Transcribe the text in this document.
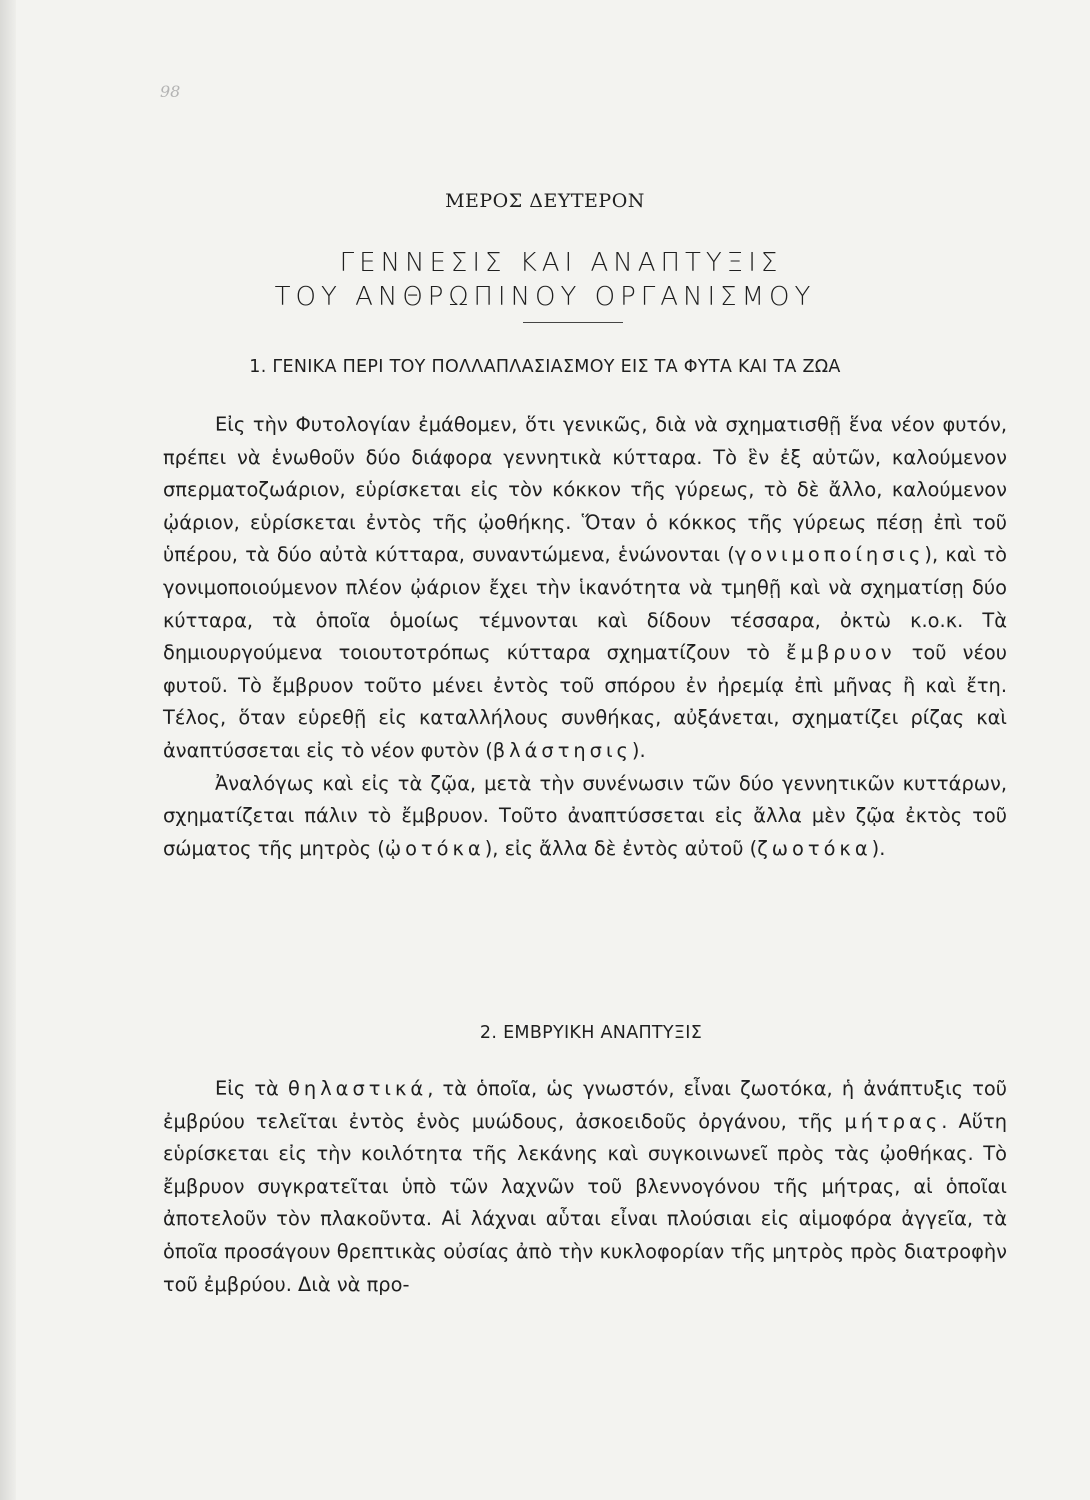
98
ΜΕΡΟΣ ΔΕΥΤΕΡΟΝ
ΓΕΝΝΕΣΙΣ ΚΑΙ ΑΝΑΠΤΥΞΙΣ
ΤΟΥ ΑΝΘΡΩΠΙΝΟΥ ΟΡΓΑΝΙΣΜΟΥ
1. ΓΕΝΙΚΑ ΠΕΡΙ ΤΟΥ ΠΟΛΛΑΠΛΑΣΙΑΣΜΟΥ ΕΙΣ ΤΑ ΦΥΤΑ ΚΑΙ ΤΑ ΖΩΑ

Εἰς τὴν Φυτολογίαν ἐμάθομεν, ὅτι γενικῶς, διὰ νὰ σχηματισθῇ ἕνα νέον φυτόν, πρέπει νὰ ἑνωθοῦν δύο διάφορα γεννητικὰ κύτταρα. Τὸ ἓν ἐξ αὐτῶν, καλούμενον σπερματοζωάριον, εὑρίσκεται εἰς τὸν κόκκον τῆς γύρεως, τὸ δὲ ἄλλο, καλούμενον ᾠάριον, εὑρίσκεται ἐντὸς τῆς ᾠοθήκης. Ὅταν ὁ κόκκος τῆς γύρεως πέσῃ ἐπὶ τοῦ ὑπέρου, τὰ δύο αὐτὰ κύτταρα, συναντώμενα, ἑνώνονται (γονιμοποίησις), καὶ τὸ γονιμοποιούμενον πλέον ᾠάριον ἔχει τὴν ἱκανότητα νὰ τμηθῇ καὶ νὰ σχηματίσῃ δύο κύτταρα, τὰ ὁποῖα ὁμοίως τέμνονται καὶ δίδουν τέσσαρα, ὀκτὼ κ.ο.κ. Τὰ δημιουργούμενα τοιουτοτρόπως κύτταρα σχηματίζουν τὸ ἔμβρυον τοῦ νέου φυτοῦ. Τὸ ἔμβρυον τοῦτο μένει ἐντὸς τοῦ σπόρου ἐν ἠρεμίᾳ ἐπὶ μῆνας ἢ καὶ ἔτη. Τέλος, ὅταν εὑρεθῇ εἰς καταλλήλους συνθήκας, αὐξάνεται, σχηματίζει ρίζας καὶ ἀναπτύσσεται εἰς τὸ νέον φυτὸν (βλάστησις).

Ἀναλόγως καὶ εἰς τὰ ζῷα, μετὰ τὴν συνένωσιν τῶν δύο γεννητικῶν κυττάρων, σχηματίζεται πάλιν τὸ ἔμβρυον. Τοῦτο ἀναπτύσσεται εἰς ἄλλα μὲν ζῷα ἐκτὸς τοῦ σώματος τῆς μητρὸς (ᾠοτόκα), εἰς ἄλλα δὲ ἐντὸς αὐτοῦ (ζωοτόκα).

2. ΕΜΒΡΥΙΚΗ ΑΝΑΠΤΥΞΙΣ

Εἰς τὰ θηλαστικά, τὰ ὁποῖα, ὡς γνωστόν, εἶναι ζωοτόκα, ἡ ἀνάπτυξις τοῦ ἐμβρύου τελεῖται ἐντὸς ἑνὸς μυώδους, ἀσκοειδοῦς ὀργάνου, τῆς μήτρας. Αὕτη εὑρίσκεται εἰς τὴν κοιλότητα τῆς λεκάνης καὶ συγκοινωνεῖ πρὸς τὰς ᾠοθήκας. Τὸ ἔμβρυον συγκρατεῖται ὑπὸ τῶν λαχνῶν τοῦ βλεννογόνου τῆς μήτρας, αἱ ὁποῖαι ἀποτελοῦν τὸν πλακοῦντα. Αἱ λάχναι αὗται εἶναι πλούσιαι εἰς αἱμοφόρα ἀγγεῖα, τὰ ὁποῖα προσάγουν θρεπτικὰς οὐσίας ἀπὸ τὴν κυκλοφορίαν τῆς μητρὸς πρὸς διατροφὴν τοῦ ἐμβρύου. Διὰ νὰ προ-
